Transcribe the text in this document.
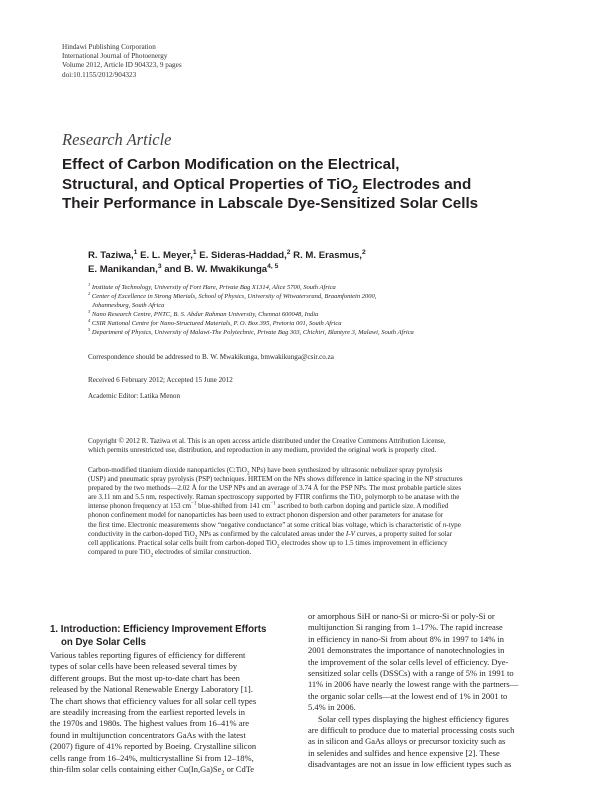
Hindawi Publishing Corporation
International Journal of Photoenergy
Volume 2012, Article ID 904323, 9 pages
doi:10.1155/2012/904323
Research Article
Effect of Carbon Modification on the Electrical,
Structural, and Optical Properties of TiO$_2$ Electrodes and
Their Performance in Labscale Dye-Sensitized Solar Cells
R. Taziwa,$^1$ E. L. Meyer,$^1$ E. Sideras-Haddad,$^2$ R. M. Erasmus,$^2$
E. Manikandan,$^3$ and B. W. Mwakikunga$^{4, 5}$
$^1$ Institute of Technology, University of Fort Hare, Private Bag X1314, Alice 5700, South Africa
$^2$ Center of Excellence in Strong Mterials, School of Physics, University of Witwatersrand, Braamfontein 2000,
Johannesburg, South Africa
$^3$ Nano Research Centre, PNTC, B. S. Abdur Rahman University, Chennai 600048, India
$^4$ CSIR National Centre for Nano-Structured Materials, P. O. Box 395, Pretoria 001, South Africa
$^5$ Department of Physics, University of Malawi-The Polytechnic, Private Bag 303, Chichiri, Blantyre 3, Malawi, South Africa
Correspondence should be addressed to B. W. Mwakikunga, bmwakikunga@csir.co.za
Received 6 February 2012; Accepted 15 June 2012
Academic Editor: Latika Menon
Copyright © 2012 R. Taziwa et al. This is an open access article distributed under the Creative Commons Attribution License,
which permits unrestricted use, distribution, and reproduction in any medium, provided the original work is properly cited.
Carbon-modified titanium dioxide nanoparticles (C:TiO$_2$ NPs) have been synthesized by ultrasonic nebulizer spray pyrolysis
(USP) and pneumatic spray pyrolysis (PSP) techniques. HRTEM on the NPs shows difference in lattice spacing in the NP structures
prepared by the two methods—2.02 Å for the USP NPs and an average of 3.74 Å for the PSP NPs. The most probable particle sizes
are 3.11 nm and 5.5 nm, respectively. Raman spectroscopy supported by FTIR confirms the TiO$_2$ polymorph to be anatase with the
intense phonon frequency at 153 $cm^{-1}$ blue-shifted from 141 $cm^{-1}$ ascribed to both carbon doping and particle size. A modified
phonon confinement model for nanoparticles has been used to extract phonon dispersion and other parameters for anatase for
the first time. Electronic measurements show “negative conductance” at some critical bias voltage, which is characteristic of n-type
conductivity in the carbon-doped TiO$_2$ NPs as confirmed by the calculated areas under the I-V curves, a property suited for solar
cell applications. Practical solar cells built from carbon-doped TiO$_2$ electrodes show up to 1.5 times improvement in efficiency
compared to pure TiO$_2$ electrodes of similar construction.
1. Introduction: Efficiency Improvement Efforts
on Dye Solar Cells
Various tables reporting figures of efficiency for different
types of solar cells have been released several times by
different groups. But the most up-to-date chart has been
released by the National Renewable Energy Laboratory [1].
The chart shows that efficiency values for all solar cell types
are steadily increasing from the earliest reported levels in
the 1970s and 1980s. The highest values from 16–41% are
found in multijunction concentrators GaAs with the latest
(2007) figure of 41% reported by Boeing. Crystalline silicon
cells range from 16–24%, multicrystalline Si from 12–18%,
thin-film solar cells containing either $Cu(In,Ga)Se_2$ or CdTe
or amorphous SiH or nano-Si or micro-Si or poly-Si or
multijunction Si ranging from 1–17%. The rapid increase
in efficiency in nano-Si from about 8% in 1997 to 14% in
2001 demonstrates the importance of nanotechnologies in
the improvement of the solar cells level of efficiency. Dye-
sensitized solar cells (DSSCs) with a range of 5% in 1991 to
11% in 2006 have nearly the lowest range with the partners—
the organic solar cells—at the lowest end of 1% in 2001 to
5.4% in 2006.
Solar cell types displaying the highest efficiency figures
are difficult to produce due to material processing costs such
as in silicon and GaAs alloys or precursor toxicity such as
in selenides and sulfides and hence expensive [2]. These
disadvantages are not an issue in low efficient types such as
